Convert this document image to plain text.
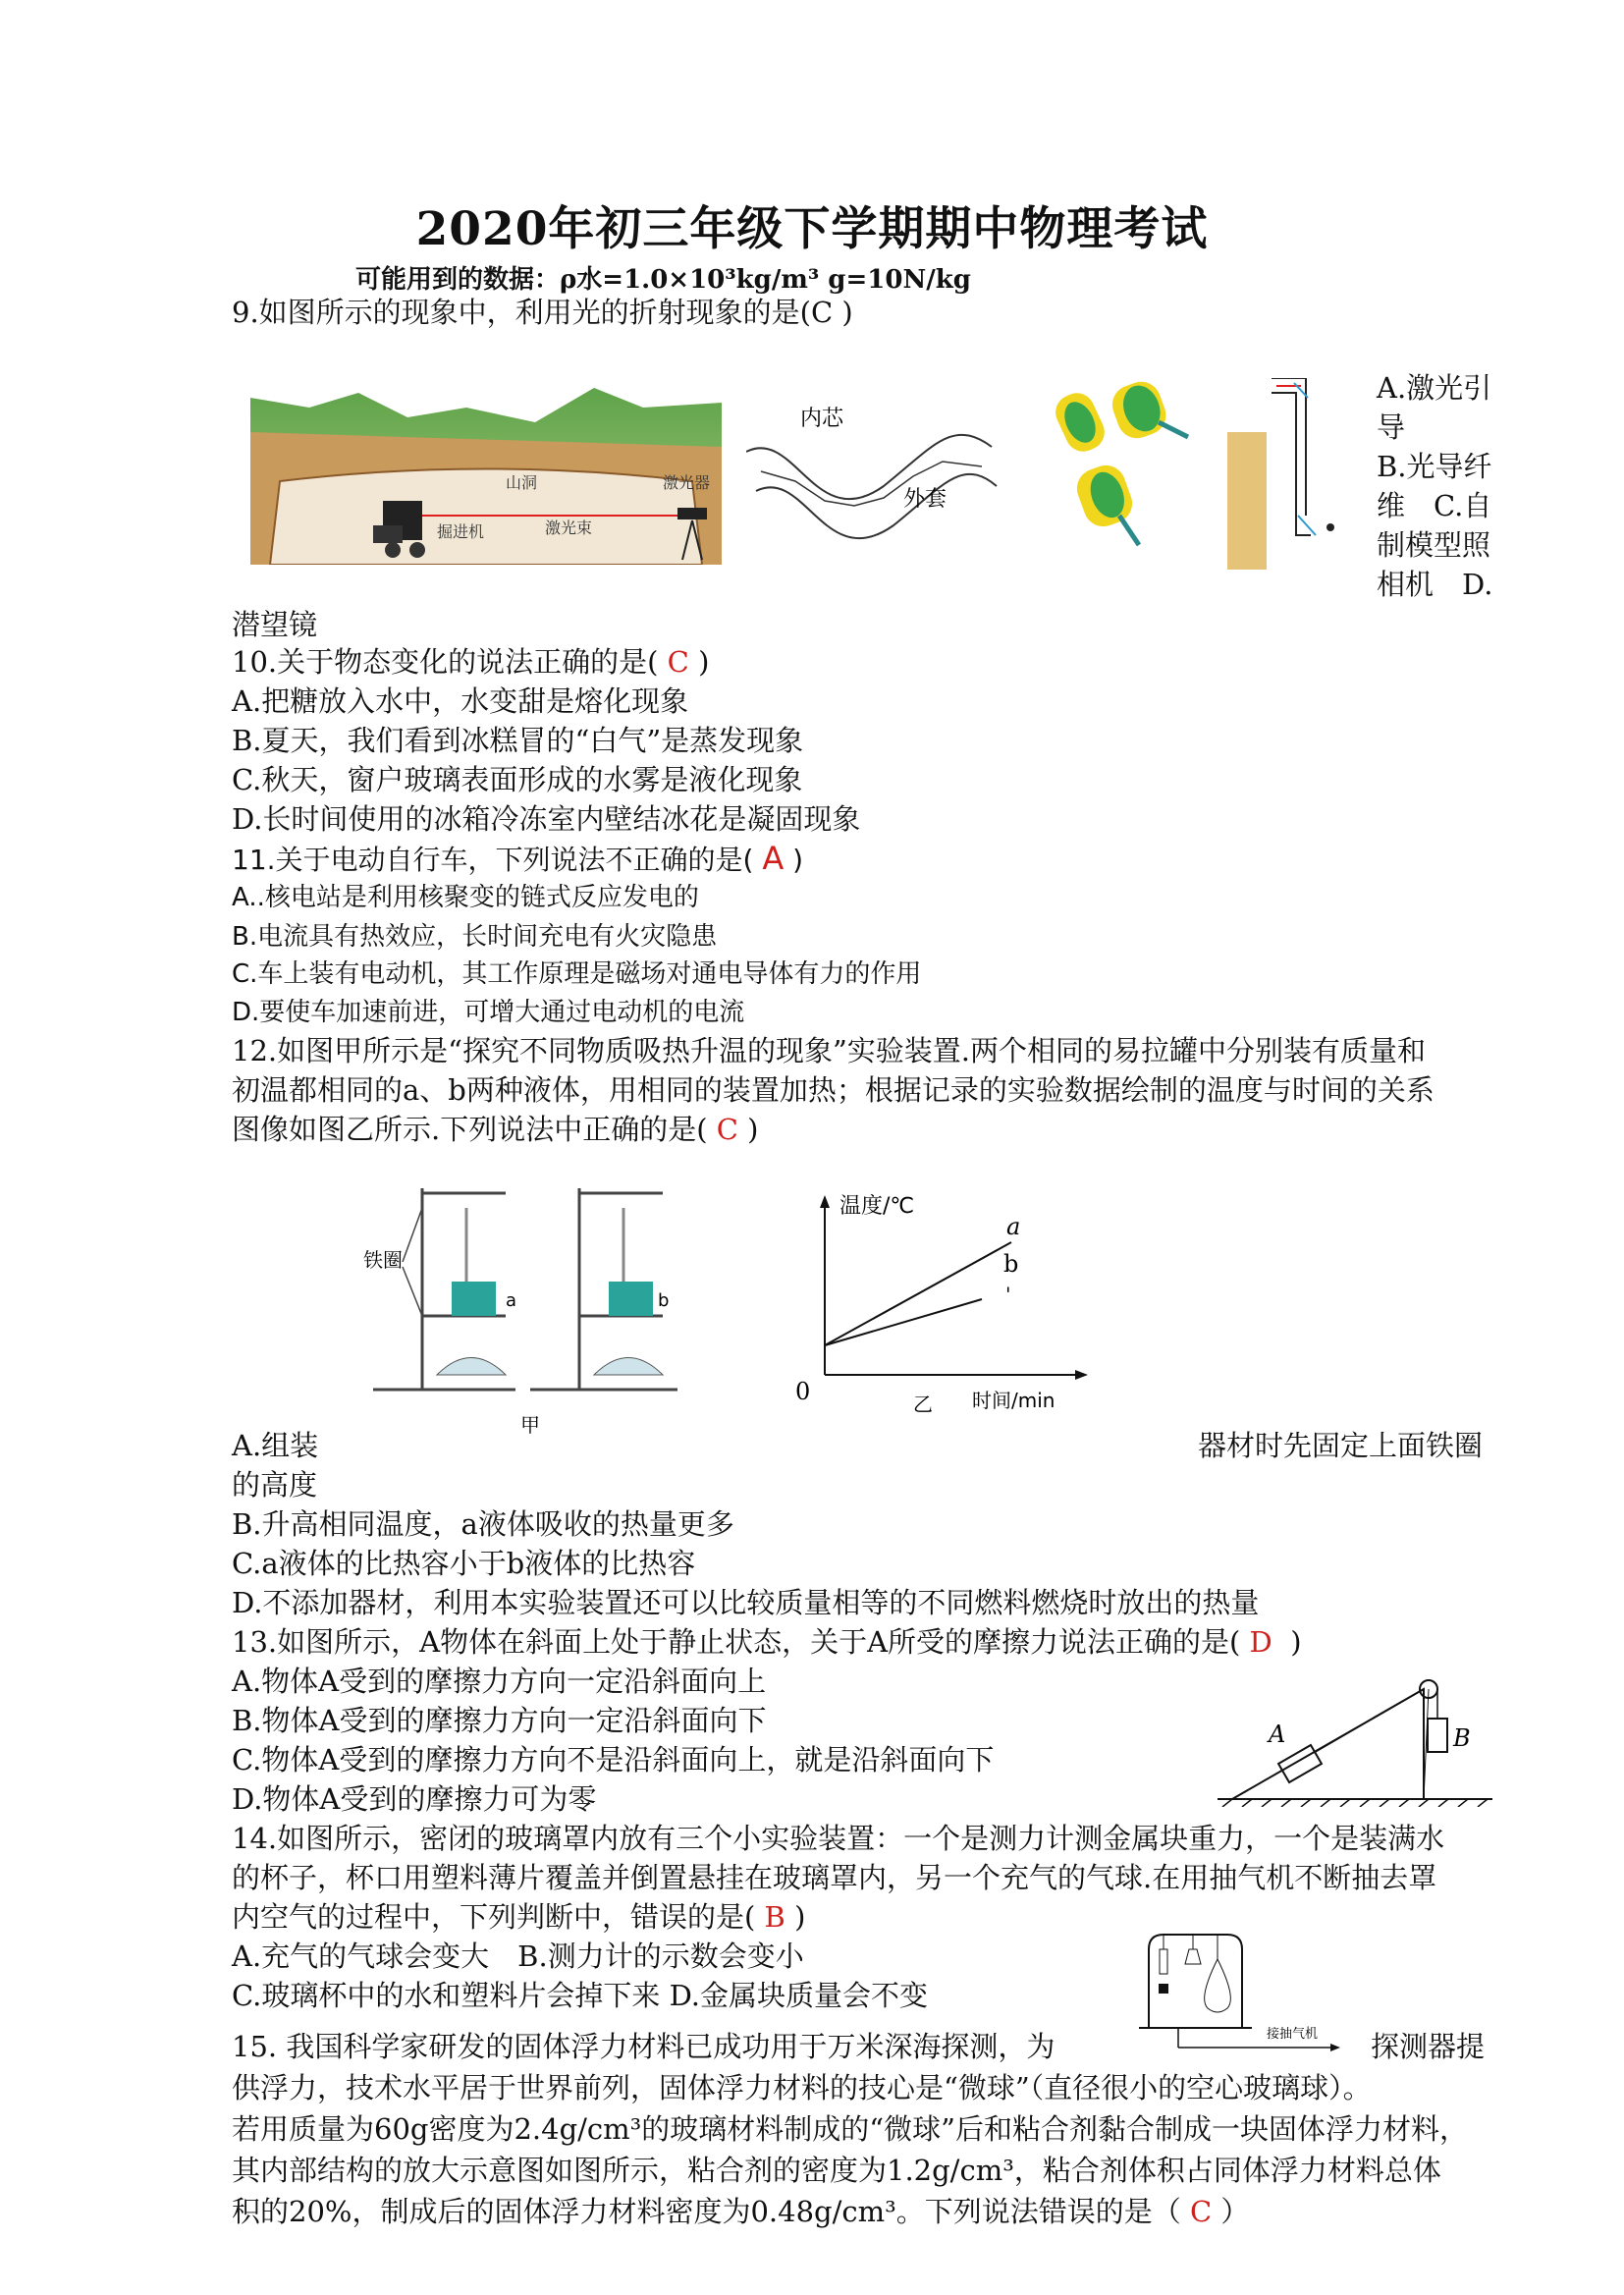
2020年初三年级下学期期中物理考试
可能用到的数据：ρ水=1.0×10³kg/m³ g=10N/kg
9.如图所示的现象中，利用光的折射现象的是(C )
山洞	激光器
激光束
掘进机
内芯
外套
A.激光引
导
B.光导纤
维　C.自
制模型照
相机　D.
潜望镜
10.关于物态变化的说法正确的是( C )
A.把糖放入水中，水变甜是熔化现象
B.夏天，我们看到冰糕冒的“白气”是蒸发现象
C.秋天，窗户玻璃表面形成的水雾是液化现象
D.长时间使用的冰箱冷冻室内壁结冰花是凝固现象
11.关于电动自行车，下列说法不正确的是( A )
A..核电站是利用核聚变的链式反应发电的
B.电流具有热效应，长时间充电有火灾隐患
C.车上装有电动机，其工作原理是磁场对通电导体有力的作用
D.要使车加速前进，可增大通过电动机的电流
12.如图甲所示是“探究不同物质吸热升温的现象”实验装置.两个相同的易拉罐中分别装有质量和
初温都相同的a、b两种液体，用相同的装置加热；根据记录的实验数据绘制的温度与时间的关系
图像如图乙所示.下列说法中正确的是( C )
a	b
铁圈
甲
温度/℃
a
b
'
0	乙 时间/min
A.组装	器材时先固定上面铁圈
的高度
B.升高相同温度，a液体吸收的热量更多
C.a液体的比热容小于b液体的比热容
D.不添加器材，利用本实验装置还可以比较质量相等的不同燃料燃烧时放出的热量
13.如图所示，A物体在斜面上处于静止状态，关于A所受的摩擦力说法正确的是( D  )
A.物体A受到的摩擦力方向一定沿斜面向上
B.物体A受到的摩擦力方向一定沿斜面向下
C.物体A受到的摩擦力方向不是沿斜面向上，就是沿斜面向下
D.物体A受到的摩擦力可为零
A	B
14.如图所示，密闭的玻璃罩内放有三个小实验装置：一个是测力计测金属块重力，一个是装满水
的杯子，杯口用塑料薄片覆盖并倒置悬挂在玻璃罩内，另一个充气的气球.在用抽气机不断抽去罩
内空气的过程中，下列判断中，错误的是( B )
A.充气的气球会变大　B.测力计的示数会变小
C.玻璃杯中的水和塑料片会掉下来 D.金属块质量会不变
接抽气机
15. 我国科学家研发的固体浮力材料已成功用于万米深海探测，为	探测器提
供浮力，技术水平居于世界前列，固体浮力材料的技心是“微球”（直径很小的空心玻璃球）。
若用质量为60g密度为2.4g/cm³的玻璃材料制成的“微球”后和粘合剂黏合制成一块固体浮力材料，
其内部结构的放大示意图如图所示，粘合剂的密度为1.2g/cm³，粘合剂体积占同体浮力材料总体
积的20%，制成后的固体浮力材料密度为0.48g/cm³。下列说法错误的是（ C ）
